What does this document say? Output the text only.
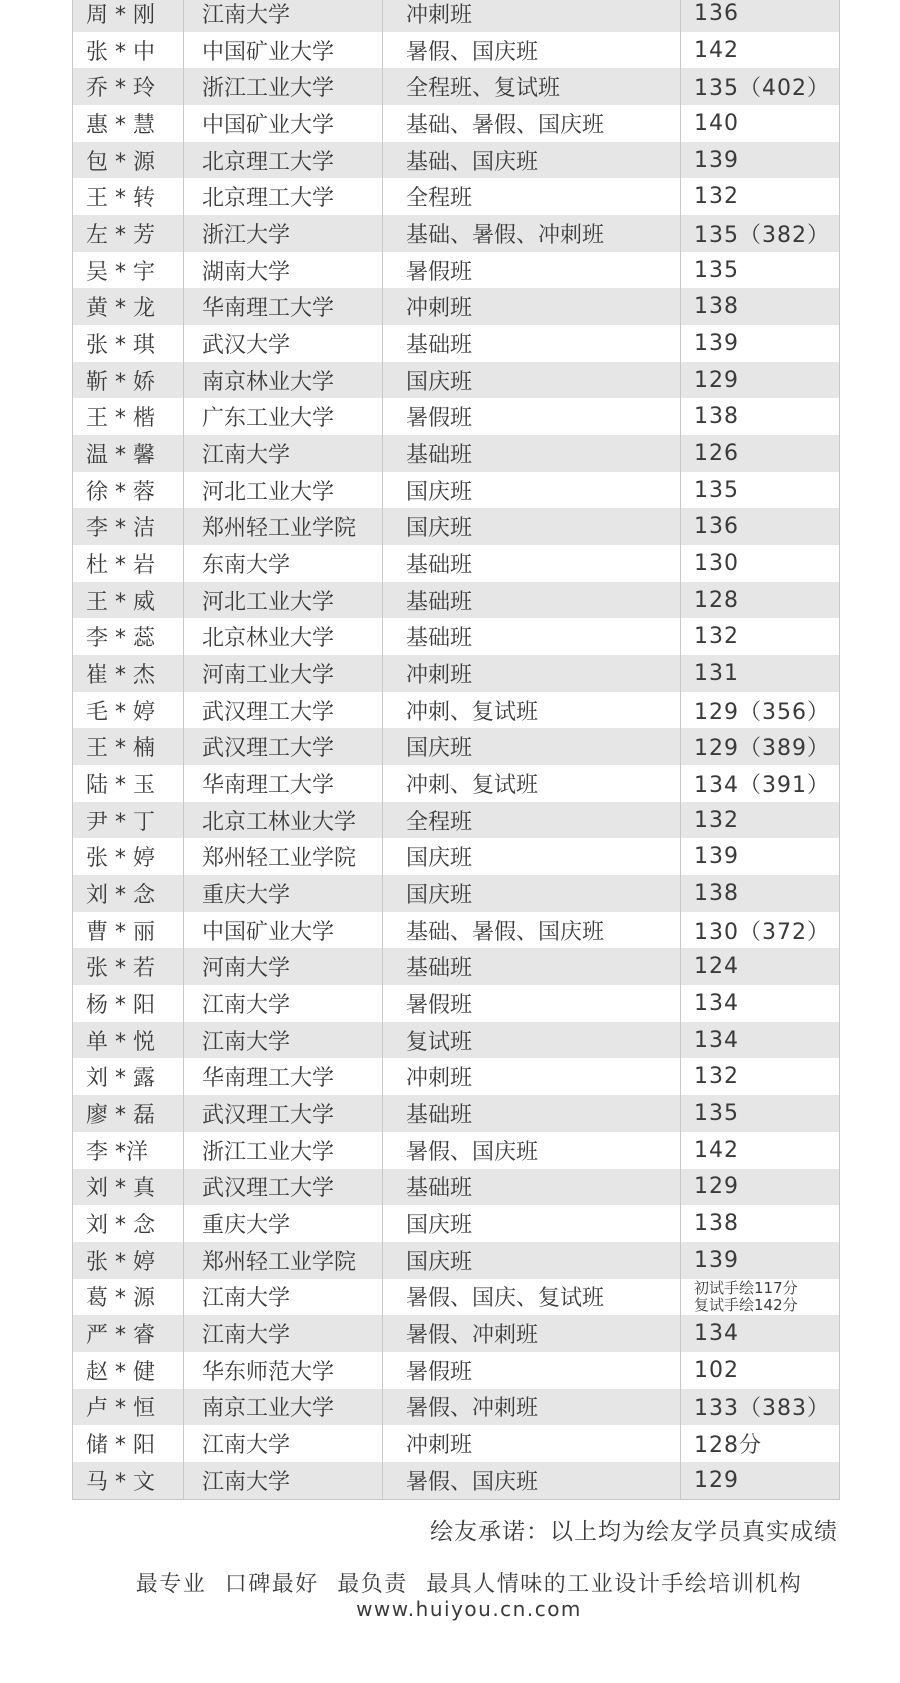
周 * 刚	江南大学	冲刺班	136
张 * 中	中国矿业大学	暑假、国庆班	142
乔 * 玲	浙江工业大学	全程班、复试班	135（402）
惠 * 慧	中国矿业大学	基础、暑假、国庆班	140
包 * 源	北京理工大学	基础、国庆班	139
王 * 转	北京理工大学	全程班	132
左 * 芳	浙江大学	基础、暑假、冲刺班	135（382）
吴 * 宇	湖南大学	暑假班	135
黄 * 龙	华南理工大学	冲刺班	138
张 * 琪	武汉大学	基础班	139
靳 * 娇	南京林业大学	国庆班	129
王 * 楷	广东工业大学	暑假班	138
温 * 馨	江南大学	基础班	126
徐 * 蓉	河北工业大学	国庆班	135
李 * 洁	郑州轻工业学院	国庆班	136
杜 * 岩	东南大学	基础班	130
王 * 威	河北工业大学	基础班	128
李 * 蕊	北京林业大学	基础班	132
崔 * 杰	河南工业大学	冲刺班	131
毛 * 婷	武汉理工大学	冲刺、复试班	129（356）
王 * 楠	武汉理工大学	国庆班	129（389）
陆 * 玉	华南理工大学	冲刺、复试班	134（391）
尹 * 丁	北京工林业大学	全程班	132
张 * 婷	郑州轻工业学院	国庆班	139
刘 * 念	重庆大学	国庆班	138
曹 * 丽	中国矿业大学	基础、暑假、国庆班	130（372）
张 * 若	河南大学	基础班	124
杨 * 阳	江南大学	暑假班	134
单 * 悦	江南大学	复试班	134
刘 * 露	华南理工大学	冲刺班	132
廖 * 磊	武汉理工大学	基础班	135
李 *洋	浙江工业大学	暑假、国庆班	142
刘 * 真	武汉理工大学	基础班	129
刘 * 念	重庆大学	国庆班	138
张 * 婷	郑州轻工业学院	国庆班	139
葛 * 源	江南大学	暑假、国庆、复试班	初试手绘117分
复试手绘142分
严 * 睿	江南大学	暑假、冲刺班	134
赵 * 健	华东师范大学	暑假班	102
卢 * 恒	南京工业大学	暑假、冲刺班	133（383）
储 * 阳	江南大学	冲刺班	128分
马 * 文	江南大学	暑假、国庆班	129
绘友承诺：以上均为绘友学员真实成绩
最专业 口碑最好 最负责 最具人情味的工业设计手绘培训机构
www.huiyou.cn.com
